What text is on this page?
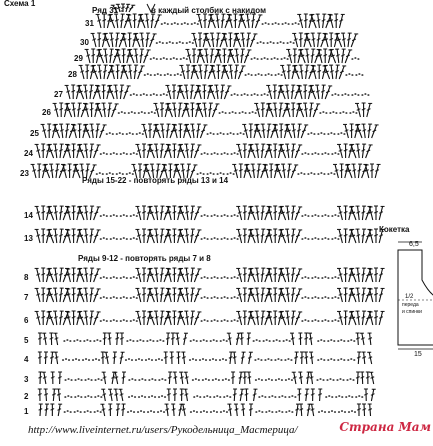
31
30
29
28
27
26
25
24
23
14
13
8
7
6
5
4
3
2
1
Кокетка
6,5
1/2
переда
и спинки
15
Схема 1
Ряд 31 -	в каждый столбик с накидом
Ряды 15-22 - повторять ряды 13 и 14
Ряды 9-12 - повторять ряды 7 и 8
http://www.liveinternet.ru/users/Рукодельница_Мастерица/	Страна Мам
